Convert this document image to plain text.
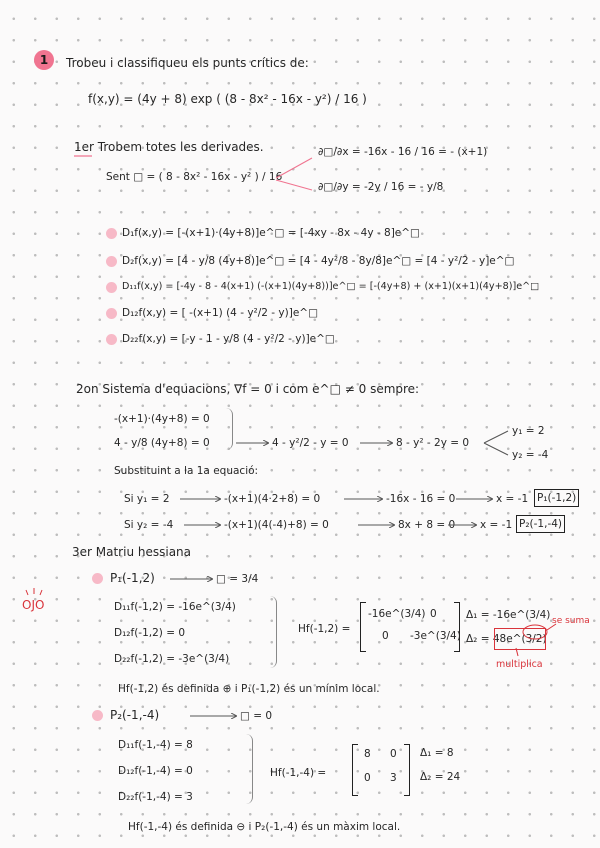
1	Trobeu i classifiqueu els punts crítics de:
f(x,y) = (4y + 8) exp ( (8 - 8x² - 16x - y²) / 16 )
1er Trobem totes les derivades.
Sent □ = ( 8 - 8x² - 16x - y² ) / 16
∂□/∂x = -16x - 16 / 16 = - (x+1)
∂□/∂y = -2y / 16 = - y/8
D₁f(x,y) = [-(x+1)·(4y+8)]e^□ = [-4xy - 8x - 4y - 8]e^□
D₂f(x,y) = [4 - y/8 (4y+8)]e^□ = [4 - 4y²/8 - 8y/8]e^□ = [4 - y²/2 - y]e^□
D₁₁f(x,y) = [-4y - 8 - 4(x+1) (-(x+1)(4y+8))]e^□ = [-(4y+8) + (x+1)(x+1)(4y+8)]e^□
D₁₂f(x,y) = [ -(x+1) (4 - y²/2 - y)]e^□
D₂₂f(x,y) = [-y - 1 - y/8 (4 - y²/2 - y)]e^□
2on Sistema d'equacions, ∇f = 0 i com e^□ ≠ 0 sempre:
-(x+1)·(4y+8) = 0
4 - y/8 (4y+8) = 0	4 - y²/2 - y = 0	8 - y² - 2y = 0
y₁ = 2
y₂ = -4
Substituint a la 1a equació:
Si y₁ = 2	-(x+1)(4·2+8) = 0	-16x - 16 = 0	x = -1 P₁(-1,2)
Si y₂ = -4	-(x+1)(4(-4)+8) = 0	8x + 8 = 0 x = -1 P₂(-1,-4)
3er Matriu hessiana
OJO
P₁(-1,2)	□ = 3/4
D₁₁f(-1,2) = -16e^(3/4)
D₁₂f(-1,2) = 0
D₂₂f(-1,2) = -3e^(3/4)
Hf(-1,2) =
-16e^(3/4) 0
0 -3e^(3/4)
Δ₁ = -16e^(3/4)
Δ₂ = 48e^(3/2)
se suma
multiplica
Hf(-1,2) és definida ⊕ i P₁(-1,2) és un mínim local.
P₂(-1,-4)	□ = 0
D₁₁f(-1,-4) = 8
D₁₂f(-1,-4) = 0
D₂₂f(-1,-4) = 3
Hf(-1,-4) =
8 0
0 3
Δ₁ = 8
Δ₂ = 24
Hf(-1,-4) és definida ⊖ i P₂(-1,-4) és un màxim local.
